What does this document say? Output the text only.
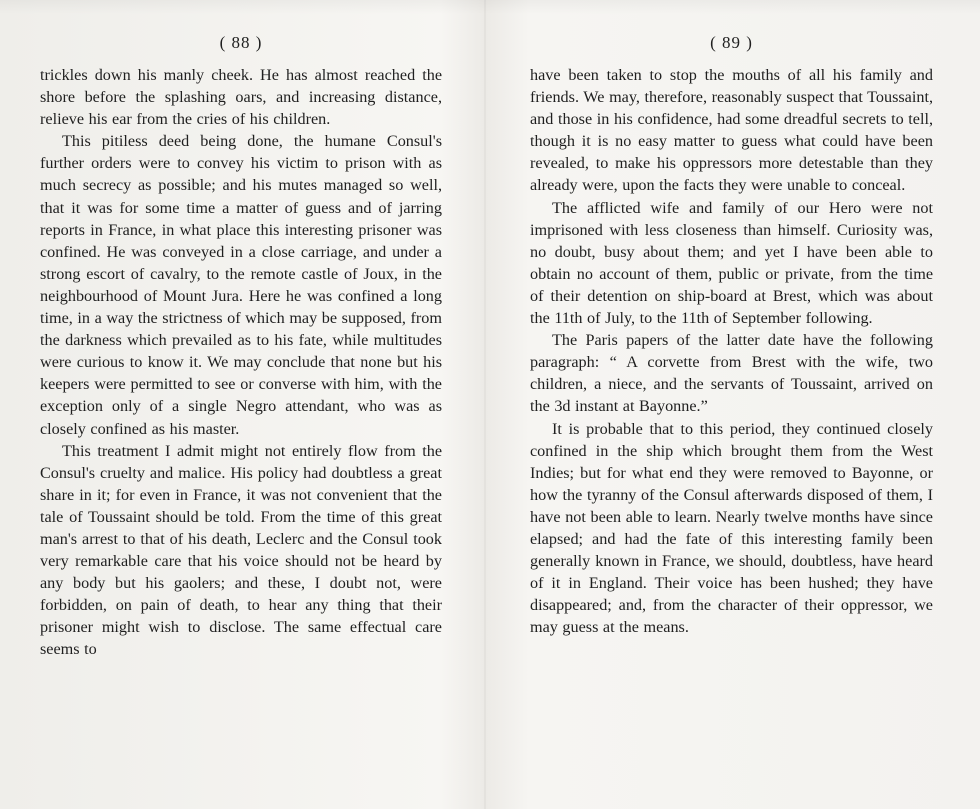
( 88 )

trickles down his manly cheek. He has almost reached the shore before the splashing oars, and increasing distance, relieve his ear from the cries of his children.

This pitiless deed being done, the humane Consul's further orders were to convey his victim to prison with as much secrecy as possible; and his mutes managed so well, that it was for some time a matter of guess and of jarring reports in France, in what place this interesting prisoner was confined. He was conveyed in a close carriage, and under a strong escort of cavalry, to the remote castle of Joux, in the neighbourhood of Mount Jura. Here he was confined a long time, in a way the strictness of which may be supposed, from the darkness which prevailed as to his fate, while multitudes were curious to know it. We may conclude that none but his keepers were permitted to see or converse with him, with the exception only of a single Negro attendant, who was as closely confined as his master.

This treatment I admit might not entirely flow from the Consul's cruelty and malice. His policy had doubtless a great share in it; for even in France, it was not convenient that the tale of Toussaint should be told. From the time of this great man's arrest to that of his death, Leclerc and the Consul took very remarkable care that his voice should not be heard by any body but his gaolers; and these, I doubt not, were forbidden, on pain of death, to hear any thing that their prisoner might wish to disclose. The same effectual care seems to

( 89 )

have been taken to stop the mouths of all his family and friends. We may, therefore, reasonably suspect that Toussaint, and those in his confidence, had some dreadful secrets to tell, though it is no easy matter to guess what could have been revealed, to make his oppressors more detestable than they already were, upon the facts they were unable to conceal.

The afflicted wife and family of our Hero were not imprisoned with less closeness than himself. Curiosity was, no doubt, busy about them; and yet I have been able to obtain no account of them, public or private, from the time of their detention on ship-board at Brest, which was about the 11th of July, to the 11th of September following.

The Paris papers of the latter date have the following paragraph: “ A corvette from Brest with the wife, two children, a niece, and the servants of Toussaint, arrived on the 3d instant at Bayonne.”

It is probable that to this period, they continued closely confined in the ship which brought them from the West Indies; but for what end they were removed to Bayonne, or how the tyranny of the Consul afterwards disposed of them, I have not been able to learn. Nearly twelve months have since elapsed; and had the fate of this interesting family been generally known in France, we should, doubtless, have heard of it in England. Their voice has been hushed; they have disappeared; and, from the character of their oppressor, we may guess at the means.
